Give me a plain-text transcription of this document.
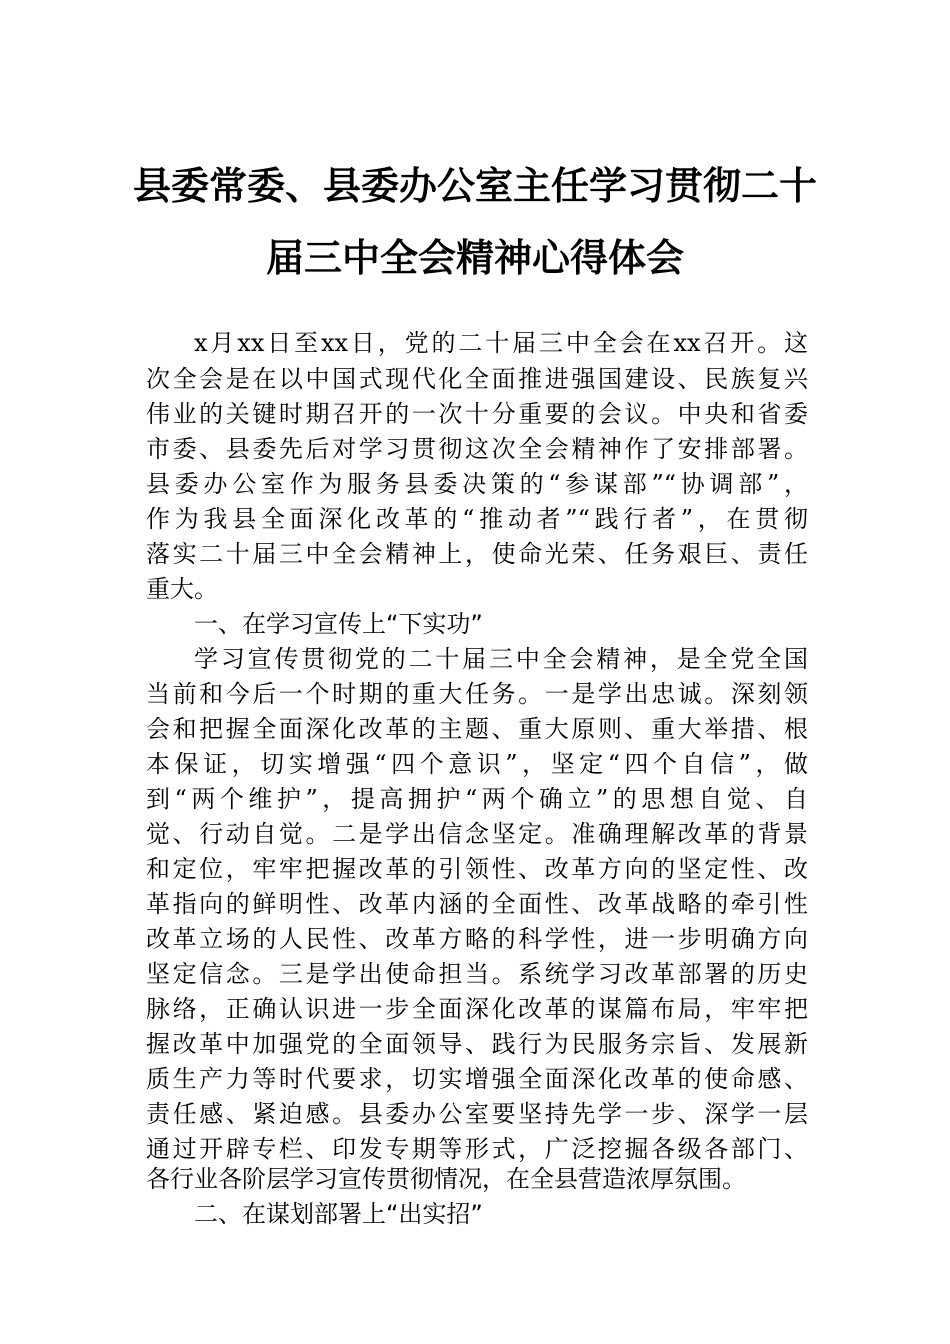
县委常委、县委办公室主任学习贯彻二十
届三中全会精神心得体会
x月xx日至xx日，党的二十届三中全会在xx召开。这
次全会是在以中国式现代化全面推进强国建设、民族复兴
伟业的关键时期召开的一次十分重要的会议。中央和省委
市委、县委先后对学习贯彻这次全会精神作了安排部署。
县委办公室作为服务县委决策的“参谋部”“协调部”，
作为我县全面深化改革的“推动者”“践行者”，在贯彻
落实二十届三中全会精神上，使命光荣、任务艰巨、责任
重大。
一、在学习宣传上“下实功”
学习宣传贯彻党的二十届三中全会精神，是全党全国
当前和今后一个时期的重大任务。一是学出忠诚。深刻领
会和把握全面深化改革的主题、重大原则、重大举措、根
本保证，切实增强“四个意识”，坚定“四个自信”，做
到“两个维护”，提高拥护“两个确立”的思想自觉、自
觉、行动自觉。二是学出信念坚定。准确理解改革的背景
和定位，牢牢把握改革的引领性、改革方向的坚定性、改
革指向的鲜明性、改革内涵的全面性、改革战略的牵引性
改革立场的人民性、改革方略的科学性，进一步明确方向
坚定信念。三是学出使命担当。系统学习改革部署的历史
脉络，正确认识进一步全面深化改革的谋篇布局，牢牢把
握改革中加强党的全面领导、践行为民服务宗旨、发展新
质生产力等时代要求，切实增强全面深化改革的使命感、
责任感、紧迫感。县委办公室要坚持先学一步、深学一层
通过开辟专栏、印发专期等形式，广泛挖掘各级各部门、
各行业各阶层学习宣传贯彻情况，在全县营造浓厚氛围。
二、在谋划部署上“出实招”
